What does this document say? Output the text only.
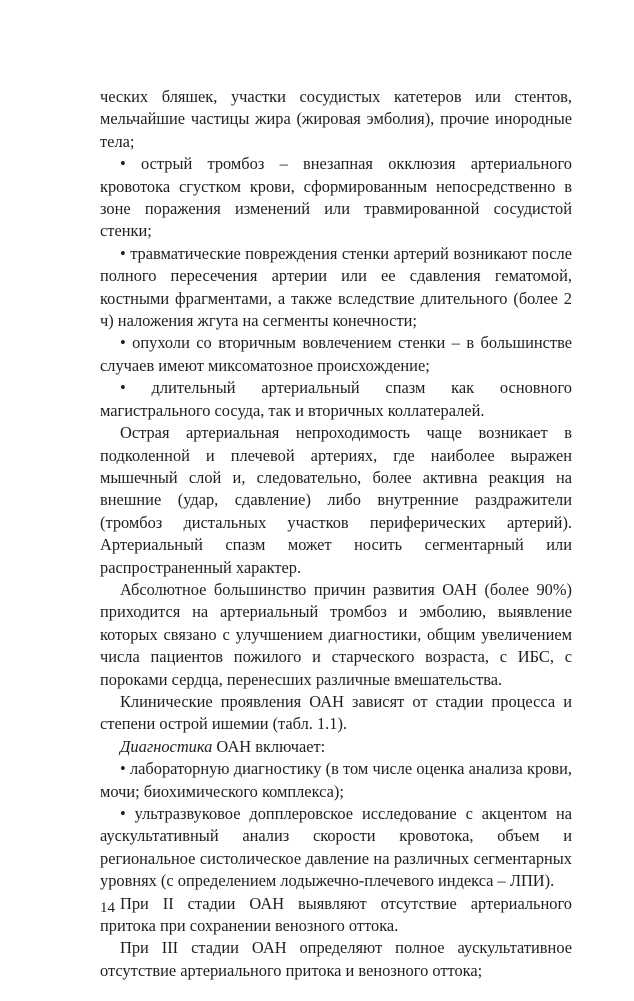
ческих бляшек, участки сосудистых катетеров или стентов, мельчайшие частицы жира (жировая эмболия), прочие инородные тела;

• острый тромбоз – внезапная окклюзия артериального кровотока сгустком крови, сформированным непосредственно в зоне поражения изменений или травмированной сосудистой стенки;

• травматические повреждения стенки артерий возникают после полного пересечения артерии или ее сдавления гематомой, костными фрагментами, а также вследствие длительного (более 2 ч) наложения жгута на сегменты конечности;

• опухоли со вторичным вовлечением стенки – в большинстве случаев имеют миксоматозное происхождение;

• длительный артериальный спазм как основного магистрального сосуда, так и вторичных коллатералей.

Острая артериальная непроходимость чаще возникает в подколенной и плечевой артериях, где наиболее выражен мышечный слой и, следовательно, более активна реакция на внешние (удар, сдавление) либо внутренние раздражители (тромбоз дистальных участков периферических артерий). Артериальный спазм может носить сегментарный или распространенный характер.

Абсолютное большинство причин развития ОАН (более 90%) приходится на артериальный тромбоз и эмболию, выявление которых связано с улучшением диагностики, общим увеличением числа пациентов пожилого и старческого возраста, с ИБС, с пороками сердца, перенесших различные вмешательства.

Клинические проявления ОАН зависят от стадии процесса и степени острой ишемии (табл. 1.1).

Диагностика ОАН включает:

• лабораторную диагностику (в том числе оценка анализа крови, мочи; биохимического комплекса);

• ультразвуковое допплеровское исследование с акцентом на аускультативный анализ скорости кровотока, объем и региональное систолическое давление на различных сегментарных уровнях (с определением лодыжечно-плечевого индекса – ЛПИ).

При II стадии ОАН выявляют отсутствие артериального притока при сохранении венозного оттока.

При III стадии ОАН определяют полное аускультативное отсутствие артериального притока и венозного оттока;

14
